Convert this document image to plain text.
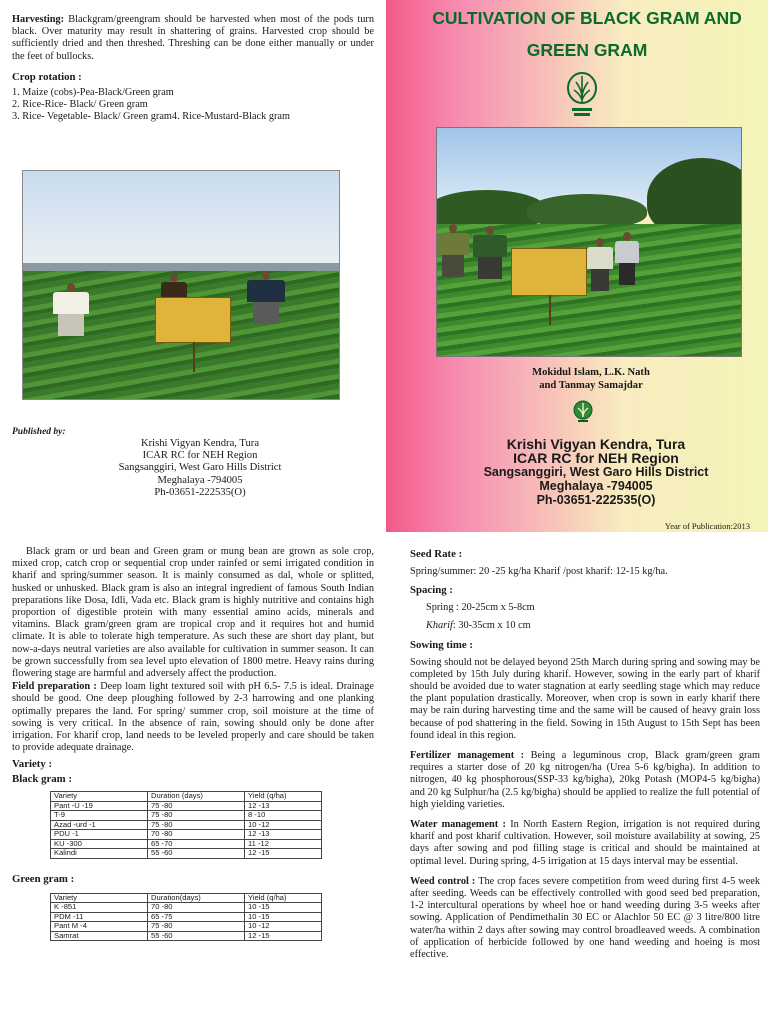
Harvesting: Blackgram/greengram should be harvested when most of the pods turn black. Over maturity may result in shattering of grains. Harvested crop should be sufficiently dried and then threshed. Threshing can be done either manually or under the feet of bullocks.

Crop rotation :
1. Maize (cobs)-Pea-Black/Green gram
2. Rice-Rice- Black/ Green gram
3. Rice- Vegetable- Black/ Green gram4. Rice-Mustard-Black gram
Published by:
Krishi Vigyan Kendra, Tura
ICAR RC for NEH Region
Sangsanggiri, West Garo Hills District
Meghalaya -794005
Ph-03651-222535(O)
CULTIVATION OF BLACK GRAM AND
GREEN GRAM
Mokidul Islam, L.K. Nath
and Tanmay Samajdar
Krishi Vigyan Kendra, Tura
ICAR RC for NEH Region
Sangsanggiri, West Garo Hills District
Meghalaya -794005
Ph-03651-222535(O)
Year of Publication:2013

Black gram or urd bean and Green gram or mung bean are grown as sole crop, mixed crop, catch crop or sequential crop under rainfed or semi irrigated condition in kharif and spring/summer season. It is mainly consumed as dal, whole or splitted, husked or unhusked. Black gram is also an integral ingredient of famous South Indian preparations like Dosa, Idli, Vada etc. Black gram is highly nutritive and contains high proportion of digestible protein with many essential amino acids, minerals and vitamins. Black gram/green gram are tropical crop and it requires hot and humid climate. It is able to tolerate high temperature. As such these are short day plant, but now-a-days neutral varieties are also available for cultivation in summer season. It can be grown successfully from sea level upto elevation of 1800 metre. Heavy rains during flowering stage are harmful and adversely affect the production.

Field preparation : Deep loam light textured soil with pH 6.5- 7.5 is ideal. Drainage should be good. One deep ploughing followed by 2-3 harrowing and one planking optimally prepares the land. For spring/ summer crop, soil moisture at the time of sowing is very critical. In the absence of rain, sowing should only be done after irrigation. For kharif crop, land needs to be leveled properly and care should be taken to provide adequate drainage.

Variety :
Black gram :
Variety	Duration (days)	Yield (q/ha)
Pant -U -19	75 -80	12 -13
T-9	75 -80	8 -10
Azad -urd -1	75 -80	10 -12
PDU -1	70 -80	12 -13
KU -300	65 -70	11 -12
Kalindi	55 -60	12 -15
Green gram :
Variety	Duration(days)	Yield (q/ha)
K -851	70 -80	10 -15
PDM -11	65 -75	10 -15
Pant M -4	75 -80	10 -12
Samrat	55 -60	12 -15
Seed Rate :

Spring/summer: 20 -25 kg/ha Kharif /post kharif: 12-15 kg/ha.

Spacing :

Spring : 20-25cm x 5-8cm

Kharif: 30-35cm x 10 cm

Sowing time :

Sowing should not be delayed beyond 25th March during spring and sowing may be completed by 15th July during kharif. However, sowing in the early part of kharif should be avoided due to water stagnation at early seedling stage which may reduce the plant population drastically. Moreover, when crop is sown in early kharif there may be rain during harvesting time and the same will be caused of heavy grain loss because of pod shattering in the field. Sowing in 15th August to 15th Sept has been found ideal in this region.

Fertilizer management : Being a leguminous crop, Black gram/green gram requires a starter dose of 20 kg nitrogen/ha (Urea 5-6 kg/bigha). In addition to nitrogen, 40 kg phosphorous(SSP-33 kg/bigha), 20kg Potash (MOP4-5 kg/bigha) and 20 kg Sulphur/ha (2.5 kg/bigha) should be applied to realize the full potential of high yielding varieties.

Water management : In North Eastern Region, irrigation is not required during kharif and post kharif cultivation. However, soil moisture availability at sowing, 25 days after sowing and pod filling stage is critical and should be maintained at optimal level. During spring, 4-5 irrigation at 15 days interval may be essential.

Weed control : The crop faces severe competition from weed during first 4-5 week after seeding. Weeds can be effectively controlled with good seed bed preparation, 1-2 intercultural operations by wheel hoe or hand weeding during 3-5 weeks after sowing. Application of Pendimethalin 30 EC or Alachlor 50 EC @ 3 litre/800 litre water/ha within 2 days after sowing may control broadleaved weeds. A combination of application of herbicide followed by one hand weeding and hoeing is most effective.
